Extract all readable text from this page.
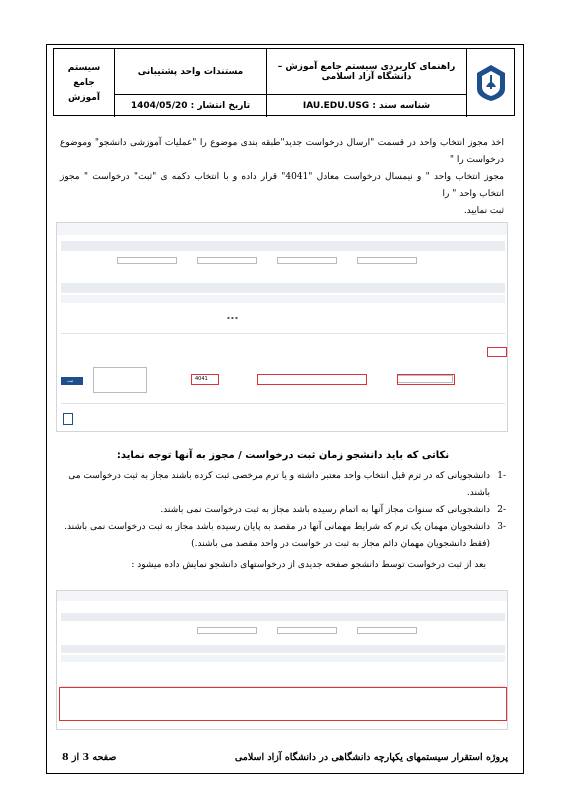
راهنمای کاربردی سیستم جامع آموزش –دانشگاه آزاد اسلامی
شناسه سند : IAU.EDU.USG
مستندات واحد پشتیبانی
تاریخ انتشار : 1404/05/20
سیستم
جامع
آموزش
اخذ مجوز انتخاب واحد در قسمت "ارسال درخواست جدید"طبقه بندی موضوع را "عملیات آموزشی دانشجو" وموضوع درخواست را "
مجوز انتخاب واحد " و نیمسال درخواست معادل "4041" قرار داده و با انتخاب دکمه ی "ثبت" درخواست " مجوز انتخاب واحد " را
ثبت نمایید.
▪ ▪ ▪
4041
ثبت
نکاتی که باید دانشجو زمان ثبت درخواست / مجوز به آنها توجه نماید:
-1
دانشجویانی که در ترم قبل انتخاب واحد معتبر داشته و یا ترم مرخصی ثبت کرده باشند مجاز به ثبت درخواست می باشند.
-2
دانشجویانی که سنوات مجاز آنها به اتمام رسیده باشد مجاز به ثبت درخواست نمی باشند.
-3
دانشجویان مهمان یک ترم که شرایط مهمانی آنها در مقصد به پایان رسیده باشد مجاز به ثبت درخواست نمی باشند.(فقط دانشجویان مهمان دائم مجاز به ثبت در خواست در واحد مقصد می باشند.)
بعد از ثبت درخواست توسط دانشجو صفحه جدیدی از درخواستهای دانشجو نمایش داده میشود :
پروژه استقرار سیستمهای یکپارچه دانشگاهی در دانشگاه آزاد اسلامی
صفحه 3 از 8
